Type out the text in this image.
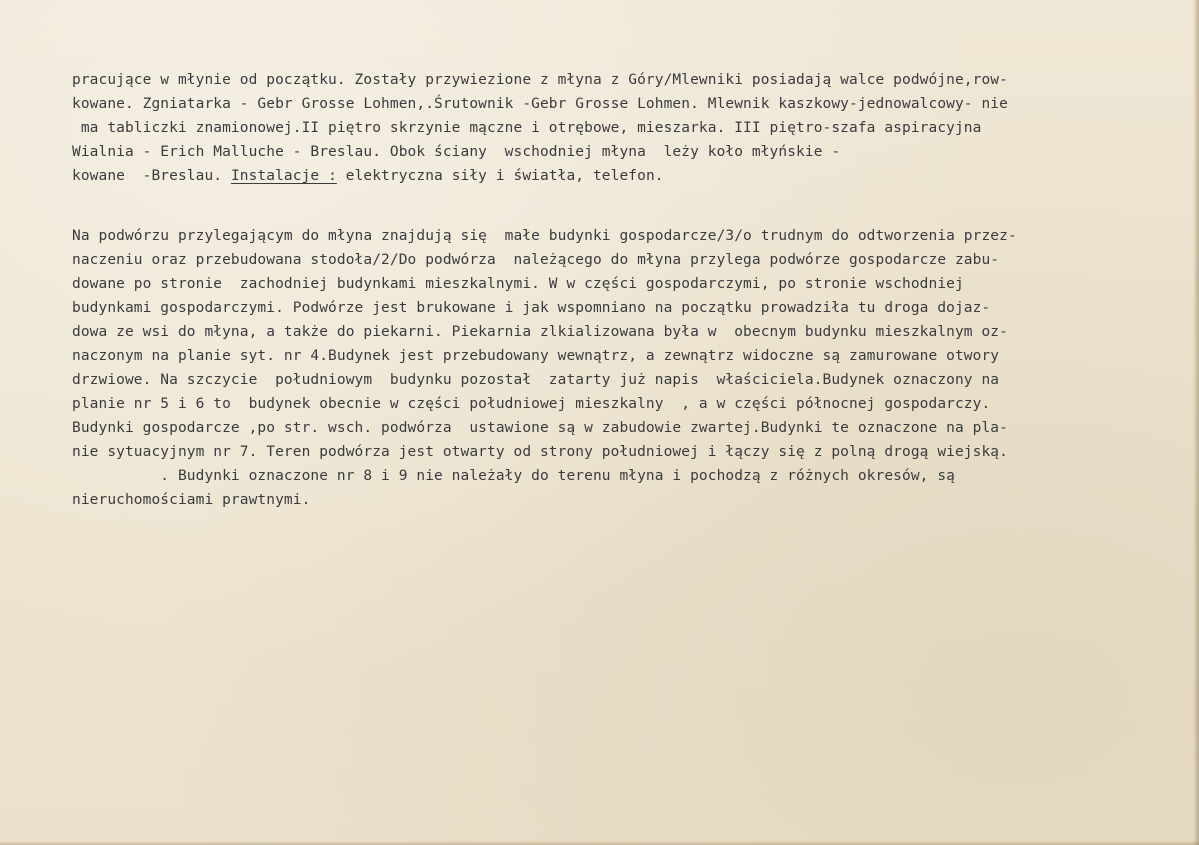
pracujące w młynie od początku. Zostały przywiezione z młyna z Góry/Mlewniki posiadają walce podwójne,row-
kowane. Zgniatarka - Gebr Grosse Lohmen,.Śrutownik -Gebr Grosse Lohmen. Mlewnik kaszkowy-jednowalcowy- nie
ma tabliczki znamionowej.II piętro skrzynie mączne i otrębowe, mieszarka. III piętro-szafa aspiracyjna
Wialnia - Erich Malluche - Breslau. Obok ściany  wschodniej młyna  leży koło młyńskie -
kowane  -Breslau. Instalacje : elektryczna siły i światła, telefon.
Na podwórzu przylegającym do młyna znajdują się  małe budynki gospodarcze/3/o trudnym do odtworzenia przez-
naczeniu oraz przebudowana stodoła/2/Do podwórza  należącego do młyna przylega podwórze gospodarcze zabu-
dowane po stronie  zachodniej budynkami mieszkalnymi. W w części gospodarczymi, po stronie wschodniej
budynkami gospodarczymi. Podwórze jest brukowane i jak wspomniano na początku prowadziła tu droga dojaz-
dowa ze wsi do młyna, a także do piekarni. Piekarnia zlkializowana była w  obecnym budynku mieszkalnym oz-
naczonym na planie syt. nr 4.Budynek jest przebudowany wewnątrz, a zewnątrz widoczne są zamurowane otwory
drzwiowe. Na szczycie  południowym  budynku pozostał  zatarty już napis  właściciela.Budynek oznaczony na
planie nr 5 i 6 to  budynek obecnie w części południowej mieszkalny  , a w części północnej gospodarczy.
Budynki gospodarcze ,po str. wsch. podwórza  ustawione są w zabudowie zwartej.Budynki te oznaczone na pla-
nie sytuacyjnym nr 7. Teren podwórza jest otwarty od strony południowej i łączy się z polną drogą wiejską.
. Budynki oznaczone nr 8 i 9 nie należały do terenu młyna i pochodzą z różnych okresów, są
nieruchomościami prawtnymi.
